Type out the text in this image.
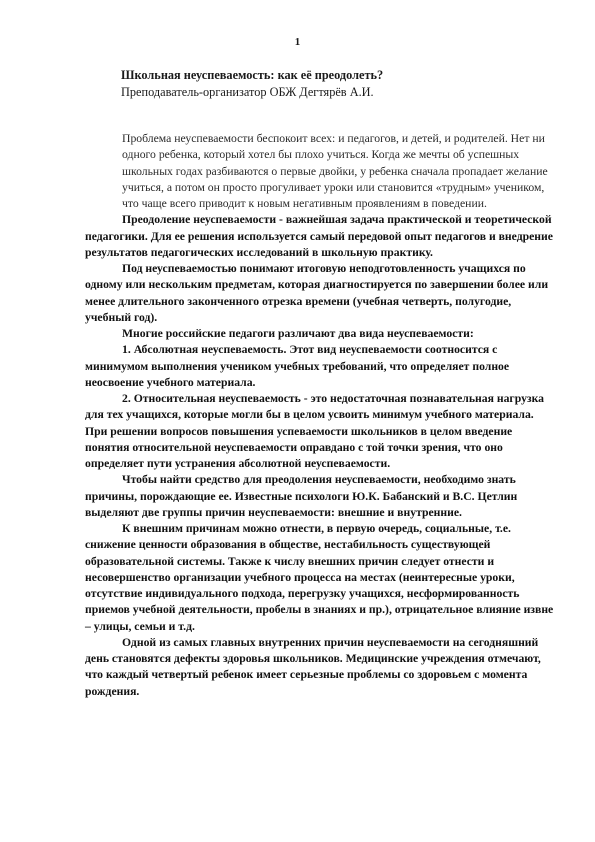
1
Школьная неуспеваемость: как её преодолеть?
Преподаватель-организатор ОБЖ Дегтярёв А.И.

Проблема неуспеваемости беспокоит всех: и педагогов, и детей, и родителей. Нет ни одного ребенка, который хотел бы плохо учиться. Когда же мечты об успешных школьных годах разбиваются о первые двойки, у ребенка сначала пропадает желание учиться, а потом он просто прогуливает уроки или становится «трудным» учеником, что чаще всего приводит к новым негативным проявлениям в поведении.

Преодоление неуспеваемости - важнейшая задача практической и теоретической педагогики. Для ее решения используется самый передовой опыт педагогов и внедрение результатов педагогических исследований в школьную практику.

Под неуспеваемостью понимают итоговую неподготовленность учащихся по одному или нескольким предметам, которая диагностируется по завершении более или менее длительного законченного отрезка времени (учебная четверть, полугодие, учебный год).

Многие российские педагоги различают два вида неуспеваемости:

1. Абсолютная неуспеваемость. Этот вид неуспеваемости соотносится с минимумом выполнения учеником учебных требований, что определяет полное неосвоение учебного материала.

2. Относительная неуспеваемость - это недостаточная познавательная нагрузка для тех учащихся, которые могли бы в целом усвоить минимум учебного материала. При решении вопросов повышения успеваемости школьников в целом введение понятия относительной неуспеваемости оправдано с той точки зрения, что оно определяет пути устранения абсолютной неуспеваемости.

Чтобы найти средство для преодоления неуспеваемости, необходимо знать причины, порождающие ее. Известные психологи Ю.К. Бабанский и В.С. Цетлин выделяют две группы причин неуспеваемости: внешние и внутренние.

К внешним причинам можно отнести, в первую очередь, социальные, т.е. снижение ценности образования в обществе, нестабильность существующей образовательной системы. Также к числу внешних причин следует отнести и несовершенство организации учебного процесса на местах (неинтересные уроки, отсутствие индивидуального подхода, перегрузку учащихся, несформированность приемов учебной деятельности, пробелы в знаниях и пр.), отрицательное влияние извне – улицы, семьи и т.д.

Одной из самых главных внутренних причин неуспеваемости на сегодняшний день становятся дефекты здоровья школьников. Медицинские учреждения отмечают, что каждый четвертый ребенок имеет серьезные проблемы со здоровьем с момента рождения.
